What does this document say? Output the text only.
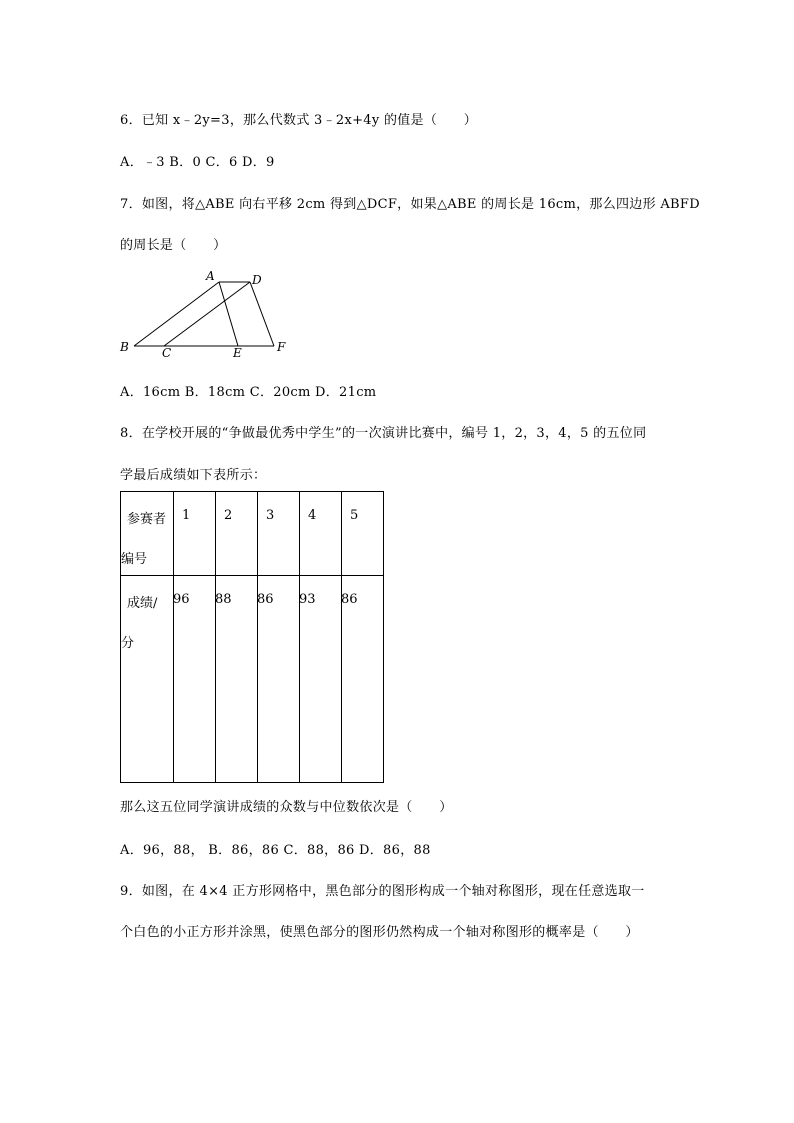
6．已知 x﹣2y=3，那么代数式 3﹣2x+4y 的值是（　　）
A．﹣3 B．0 C．6 D．9
7．如图，将△ABE 向右平移 2cm 得到△DCF，如果△ABE 的周长是 16cm，那么四边形 ABFD
的周长是（　　）
A	D
B	C	E	F
A．16cm B．18cm C．20cm D．21cm
8．在学校开展的“争做最优秀中学生”的一次演讲比赛中，编号 1，2，3，4，5 的五位同
学最后成绩如下表所示：
参赛者
编号	1	2	3	4	5

成绩/
分	96	88	86	93	86
那么这五位同学演讲成绩的众数与中位数依次是（　　）
A．96，88， B．86，86 C．88，86 D．86，88
9．如图，在 4×4 正方形网格中，黑色部分的图形构成一个轴对称图形，现在任意选取一
个白色的小正方形并涂黑，使黑色部分的图形仍然构成一个轴对称图形的概率是（　　）
